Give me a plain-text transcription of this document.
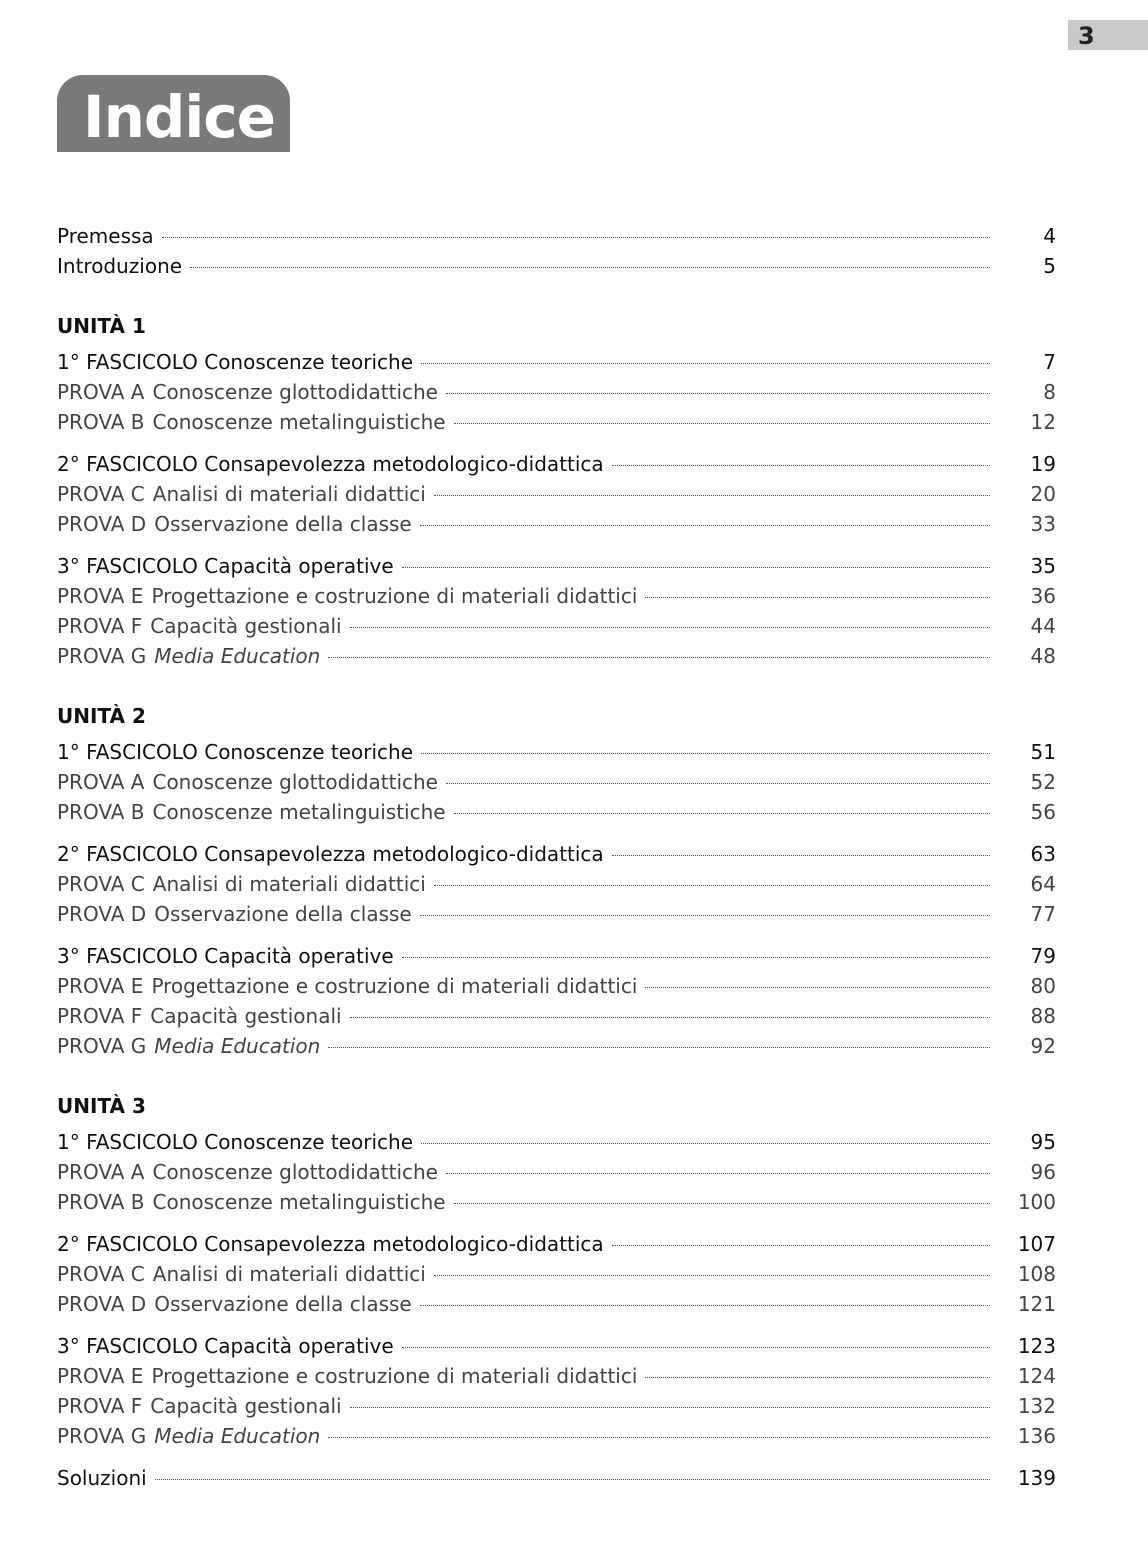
3
Indice
Premessa	4
Introduzione	5
UNITÀ 1
1° FASCICOLO Conoscenze teoriche	7
PROVA A Conoscenze glottodidattiche	8
PROVA B Conoscenze metalinguistiche	12
2° FASCICOLO Consapevolezza metodologico-didattica	19
PROVA C Analisi di materiali didattici	20
PROVA D Osservazione della classe	33
3° FASCICOLO Capacità operative	35
PROVA E Progettazione e costruzione di materiali didattici	36
PROVA F Capacità gestionali	44
PROVA G Media Education	48
UNITÀ 2
1° FASCICOLO Conoscenze teoriche	51
PROVA A Conoscenze glottodidattiche	52
PROVA B Conoscenze metalinguistiche	56
2° FASCICOLO Consapevolezza metodologico-didattica	63
PROVA C Analisi di materiali didattici	64
PROVA D Osservazione della classe	77
3° FASCICOLO Capacità operative	79
PROVA E Progettazione e costruzione di materiali didattici	80
PROVA F Capacità gestionali	88
PROVA G Media Education	92
UNITÀ 3
1° FASCICOLO Conoscenze teoriche	95
PROVA A Conoscenze glottodidattiche	96
PROVA B Conoscenze metalinguistiche	100
2° FASCICOLO Consapevolezza metodologico-didattica	107
PROVA C Analisi di materiali didattici	108
PROVA D Osservazione della classe	121
3° FASCICOLO Capacità operative	123
PROVA E Progettazione e costruzione di materiali didattici	124
PROVA F Capacità gestionali	132
PROVA G Media Education	136
Soluzioni	139
